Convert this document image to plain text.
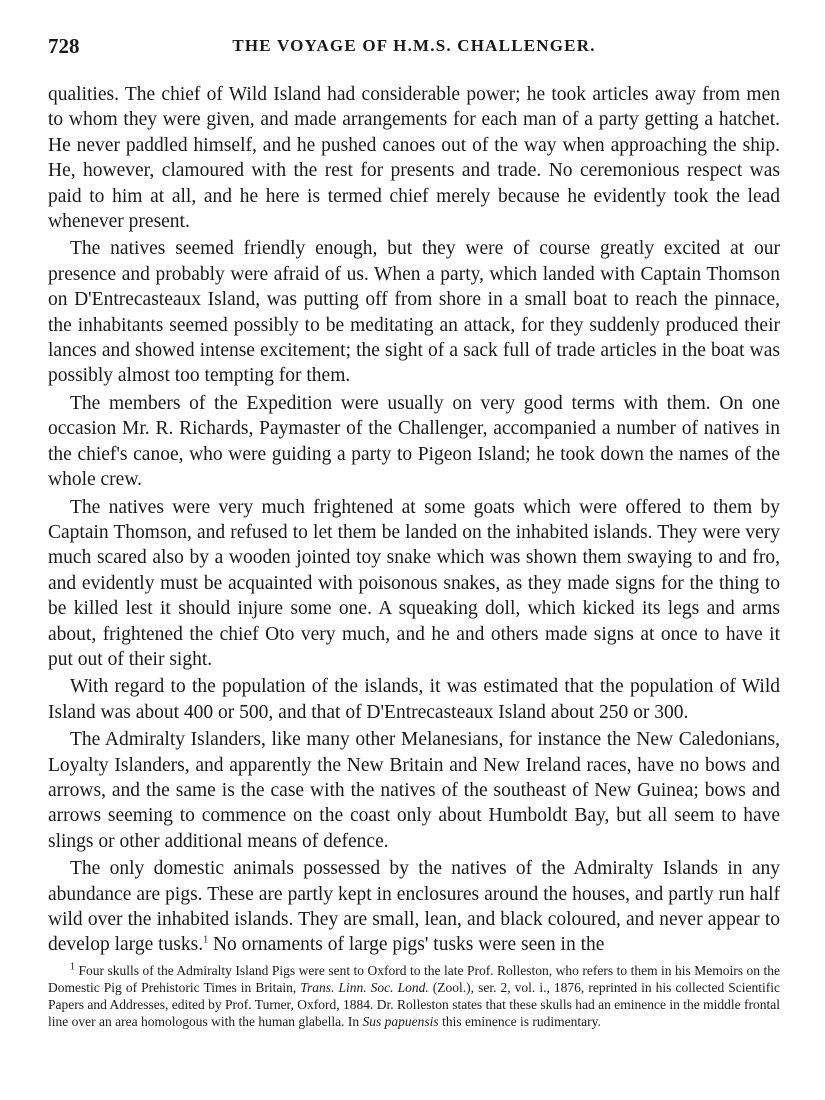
728	THE VOYAGE OF H.M.S. CHALLENGER.

qualities. The chief of Wild Island had considerable power; he took articles away from men to whom they were given, and made arrangements for each man of a party getting a hatchet. He never paddled himself, and he pushed canoes out of the way when approaching the ship. He, however, clamoured with the rest for presents and trade. No ceremonious respect was paid to him at all, and he here is termed chief merely because he evidently took the lead whenever present.

The natives seemed friendly enough, but they were of course greatly excited at our presence and probably were afraid of us. When a party, which landed with Captain Thomson on D'Entrecasteaux Island, was putting off from shore in a small boat to reach the pinnace, the inhabitants seemed possibly to be meditating an attack, for they suddenly produced their lances and showed intense excitement; the sight of a sack full of trade articles in the boat was possibly almost too tempting for them.

The members of the Expedition were usually on very good terms with them. On one occasion Mr. R. Richards, Paymaster of the Challenger, accompanied a number of natives in the chief's canoe, who were guiding a party to Pigeon Island; he took down the names of the whole crew.

The natives were very much frightened at some goats which were offered to them by Captain Thomson, and refused to let them be landed on the inhabited islands. They were very much scared also by a wooden jointed toy snake which was shown them swaying to and fro, and evidently must be acquainted with poisonous snakes, as they made signs for the thing to be killed lest it should injure some one. A squeaking doll, which kicked its legs and arms about, frightened the chief Oto very much, and he and others made signs at once to have it put out of their sight.

With regard to the population of the islands, it was estimated that the population of Wild Island was about 400 or 500, and that of D'Entrecasteaux Island about 250 or 300.

The Admiralty Islanders, like many other Melanesians, for instance the New Caledonians, Loyalty Islanders, and apparently the New Britain and New Ireland races, have no bows and arrows, and the same is the case with the natives of the southeast of New Guinea; bows and arrows seeming to commence on the coast only about Humboldt Bay, but all seem to have slings or other additional means of defence.

The only domestic animals possessed by the natives of the Admiralty Islands in any abundance are pigs. These are partly kept in enclosures around the houses, and partly run half wild over the inhabited islands. They are small, lean, and black coloured, and never appear to develop large tusks.$^1$ No ornaments of large pigs' tusks were seen in the

$^1$ Four skulls of the Admiralty Island Pigs were sent to Oxford to the late Prof. Rolleston, who refers to them in his Memoirs on the Domestic Pig of Prehistoric Times in Britain, Trans. Linn. Soc. Lond. (Zool.), ser. 2, vol. i., 1876, reprinted in his collected Scientific Papers and Addresses, edited by Prof. Turner, Oxford, 1884. Dr. Rolleston states that these skulls had an eminence in the middle frontal line over an area homologous with the human glabella. In Sus papuensis this eminence is rudimentary.
